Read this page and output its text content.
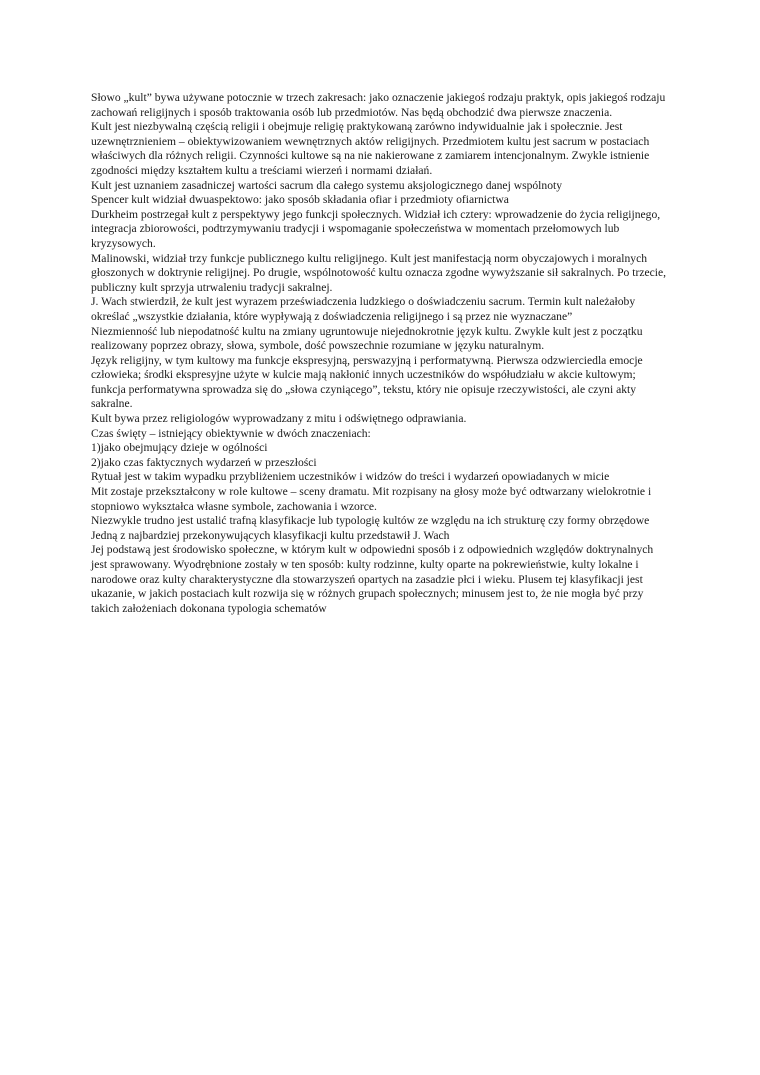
Słowo „kult” bywa używane potocznie w trzech zakresach: jako oznaczenie jakiegoś rodzaju praktyk, opis jakiegoś rodzaju zachowań religijnych i sposób traktowania osób lub przedmiotów. Nas będą obchodzić dwa pierwsze znaczenia.

Kult jest niezbywalną częścią religii i obejmuje religię praktykowaną zarówno indywidualnie jak i społecznie. Jest uzewnętrznieniem – obiektywizowaniem wewnętrznych aktów religijnych. Przedmiotem kultu jest sacrum w postaciach właściwych dla różnych religii. Czynności kultowe są na nie nakierowane z zamiarem intencjonalnym. Zwykle istnienie zgodności między kształtem kultu a treściami wierzeń i normami działań.

Kult jest uznaniem zasadniczej wartości sacrum dla całego systemu aksjologicznego danej wspólnoty

Spencer kult widział dwuaspektowo: jako sposób składania ofiar i przedmioty ofiarnictwa

Durkheim postrzegał kult z perspektywy jego funkcji społecznych. Widział ich cztery: wprowadzenie do życia religijnego, integracja zbiorowości, podtrzymywaniu tradycji i wspomaganie społeczeństwa w momentach przełomowych lub kryzysowych.

Malinowski, widział trzy funkcje publicznego kultu religijnego. Kult jest manifestacją norm obyczajowych i moralnych głoszonych w doktrynie religijnej. Po drugie, wspólnotowość kultu oznacza zgodne wywyższanie sił sakralnych. Po trzecie, publiczny kult sprzyja utrwaleniu tradycji sakralnej.

J. Wach stwierdził, że kult jest wyrazem przeświadczenia ludzkiego o doświadczeniu sacrum. Termin kult należałoby określać „wszystkie działania, które wypływają z doświadczenia religijnego i są przez nie wyznaczane”

Niezmienność lub niepodatność kultu na zmiany ugruntowuje niejednokrotnie język kultu. Zwykle kult jest z początku realizowany poprzez obrazy, słowa, symbole, dość powszechnie rozumiane w języku naturalnym.

Język religijny, w tym kultowy ma funkcje ekspresyjną, perswazyjną i performatywną. Pierwsza odzwierciedla emocje człowieka; środki ekspresyjne użyte w kulcie mają nakłonić innych uczestników do współudziału w akcie kultowym; funkcja performatywna sprowadza się do „słowa czyniącego”, tekstu, który nie opisuje rzeczywistości, ale czyni akty sakralne.

Kult bywa przez religiologów wyprowadzany z mitu i odświętnego odprawiania.

Czas święty – istniejący obiektywnie w dwóch znaczeniach:

1)jako obejmujący dzieje w ogólności

2)jako czas faktycznych wydarzeń w przeszłości

Rytuał jest w takim wypadku przybliżeniem uczestników i widzów do treści i wydarzeń opowiadanych w micie

Mit zostaje przekształcony w role kultowe – sceny dramatu. Mit rozpisany na głosy może być odtwarzany wielokrotnie i stopniowo wykształca własne symbole, zachowania i wzorce.

Niezwykle trudno jest ustalić trafną klasyfikacje lub typologię kultów ze względu na ich strukturę czy formy obrzędowe

Jedną z najbardziej przekonywujących klasyfikacji kultu przedstawił J. Wach

Jej podstawą jest środowisko społeczne, w którym kult w odpowiedni sposób i z odpowiednich względów doktrynalnych jest sprawowany. Wyodrębnione zostały w ten sposób: kulty rodzinne, kulty oparte na pokrewieństwie, kulty lokalne i narodowe oraz kulty charakterystyczne dla stowarzyszeń opartych na zasadzie płci i wieku. Plusem tej klasyfikacji jest ukazanie, w jakich postaciach kult rozwija się w różnych grupach społecznych; minusem jest to, że nie mogła być przy takich założeniach dokonana typologia schematów
